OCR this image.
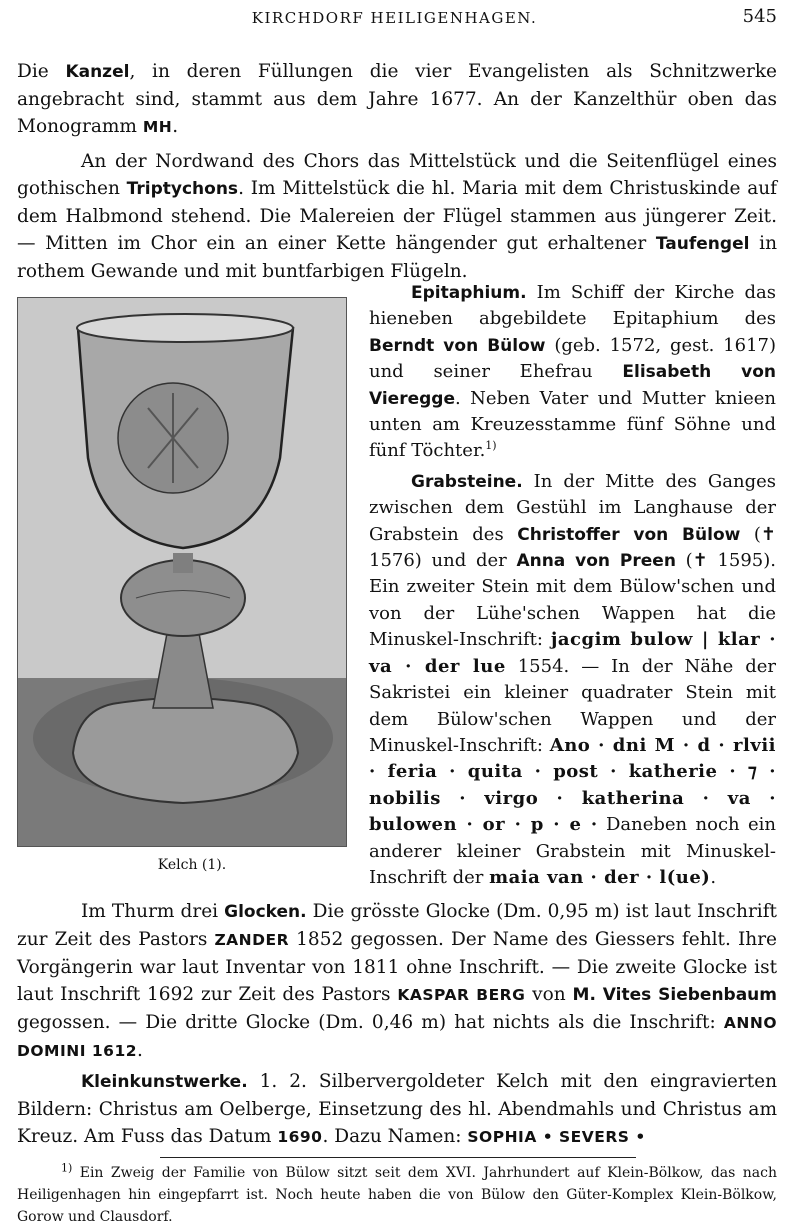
KIRCHDORF HEILIGENHAGEN.	545

Die Kanzel, in deren Füllungen die vier Evangelisten als Schnitzwerke angebracht sind, stammt aus dem Jahre 1677. An der Kanzelthür oben das Monogramm MH.

An der Nordwand des Chors das Mittelstück und die Seitenflügel eines gothischen Triptychons. Im Mittelstück die hl. Maria mit dem Christuskinde auf dem Halbmond stehend. Die Malereien der Flügel stammen aus jüngerer Zeit. — Mitten im Chor ein an einer Kette hängender gut erhaltener Taufengel in rothem Gewande und mit buntfarbigen Flügeln.

Kelch (1).

Epitaphium. Im Schiff der Kirche das hieneben abgebildete Epitaphium des Berndt von Bülow (geb. 1572, gest. 1617) und seiner Ehefrau Elisabeth von Vieregge. Neben Vater und Mutter knieen unten am Kreuzesstamme fünf Söhne und fünf Töchter.$^{1)}$

Grabsteine. In der Mitte des Ganges zwischen dem Gestühl im Langhause der Grabstein des Christoffer von Bülow (✝ 1576) und der Anna von Preen (✝ 1595). Ein zweiter Stein mit dem Bülow'schen und von der Lühe'schen Wappen hat die Minuskel-Inschrift: jacgim bulow | klar · va · der lue 1554. — In der Nähe der Sakristei ein kleiner quadrater Stein mit dem Bülow'schen Wappen und der Minuskel-Inschrift: Ano · dni M · d · rlvii · feria · quita · post · katherie · ⁊ · nobilis · virgo · katherina · va · bulowen · or · p · e · Daneben noch ein anderer kleiner Grabstein mit Minuskel-Inschrift der maia van · der · l(ue).

Im Thurm drei Glocken. Die grösste Glocke (Dm. 0,95 m) ist laut Inschrift zur Zeit des Pastors ZANDER 1852 gegossen. Der Name des Giessers fehlt. Ihre Vorgängerin war laut Inventar von 1811 ohne Inschrift. — Die zweite Glocke ist laut Inschrift 1692 zur Zeit des Pastors KASPAR BERG von M. Vites Siebenbaum gegossen. — Die dritte Glocke (Dm. 0,46 m) hat nichts als die Inschrift: ANNO DOMINI 1612.

Kleinkunstwerke. 1. 2. Silbervergoldeter Kelch mit den eingravierten Bildern: Christus am Oelberge, Einsetzung des hl. Abendmahls und Christus am Kreuz. Am Fuss das Datum 1690. Dazu Namen: SOPHIA • SEVERS •

$^{1)}$ Ein Zweig der Familie von Bülow sitzt seit dem XVI. Jahrhundert auf Klein-Bölkow, das nach Heiligenhagen hin eingepfarrt ist. Noch heute haben die von Bülow den Güter-Komplex Klein-Bölkow, Gorow und Clausdorf.
